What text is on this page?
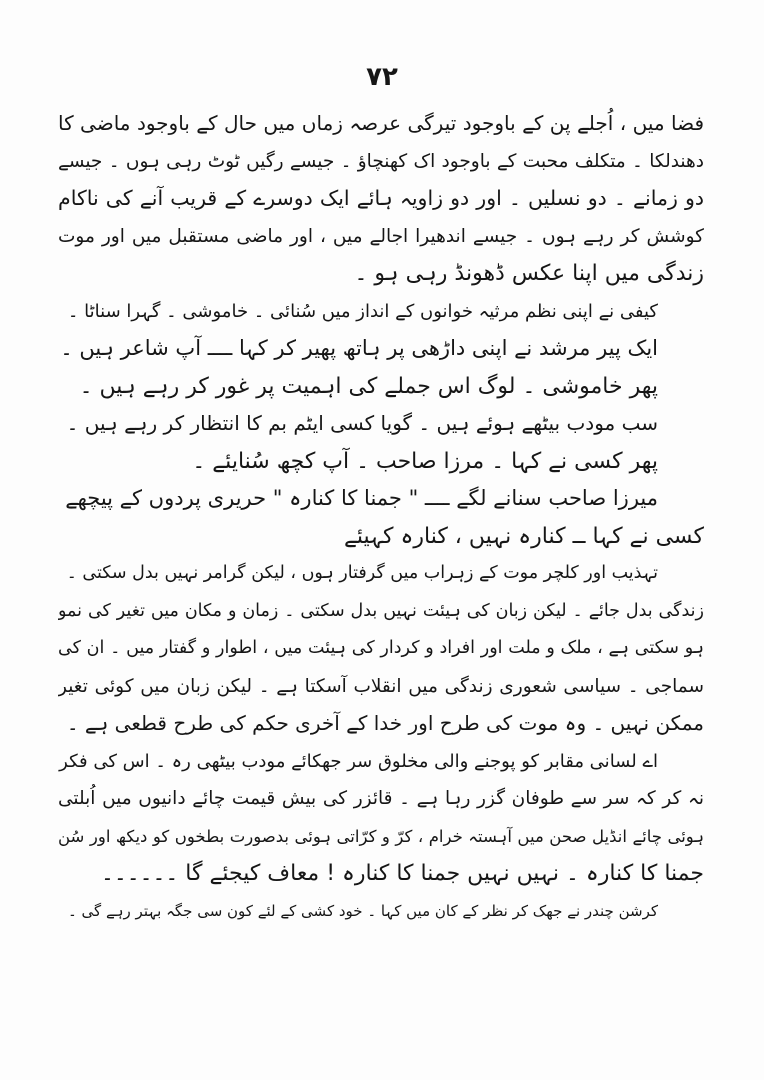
۷۲
فضا میں ، اُجلے پن کے باوجود تیرگی عرصہ زماں میں حال کے باوجود ماضی کا
دھندلکا ۔ متکلف محبت کے باوجود اک کھنچاؤ ۔ جیسے رگیں ٹوٹ رہی ہوں ۔ جیسے
دو زمانے ۔ دو نسلیں ۔ اور دو زاویہ ہائے ایک دوسرے کے قریب آنے کی ناکام
کوشش کر رہے ہوں ۔ جیسے اندھیرا اجالے میں ، اور ماضی مستقبل میں اور موت
زندگی میں اپنا عکس ڈھونڈ رہی ہو ۔
کیفی نے اپنی نظم مرثیہ خوانوں کے انداز میں سُنائی ۔ خاموشی ۔ گہرا سناٹا ۔
ایک پیر مرشد نے اپنی داڑھی پر ہاتھ پھیر کر کہا ــــ آپ شاعر ہیں ۔
پھر خاموشی ۔ لوگ اس جملے کی اہمیت پر غور کر رہے ہیں ۔
سب مودب بیٹھے ہوئے ہیں ۔ گویا کسی ایٹم بم کا انتظار کر رہے ہیں ۔
پھر کسی نے کہا ۔ مرزا صاحب ۔ آپ کچھ سُنایئے ۔
میرزا صاحب سنانے لگے ــــ " جمنا کا کنارہ " حریری پردوں کے پیچھے
کسی نے کہا ــ کنارہ نہیں ، کنارہ کہیئے
تہذیب اور کلچر موت کے زہراب میں گرفتار ہوں ، لیکن گرامر نہیں بدل سکتی ۔
زندگی بدل جائے ۔ لیکن زبان کی ہیئت نہیں بدل سکتی ۔ زمان و مکان میں تغیر کی نمو
ہو سکتی ہے ، ملک و ملت اور افراد و کردار کی ہیئت میں ، اطوار و گفتار میں ۔ ان کی
سماجی ۔ سیاسی شعوری زندگی میں انقلاب آسکتا ہے ۔ لیکن زبان میں کوئی تغیر
ممکن نہیں ۔ وہ موت کی طرح اور خدا کے آخری حکم کی طرح قطعی ہے ۔
اے لسانی مقابر کو پوجنے والی مخلوق سر جھکائے مودب بیٹھی رہ ۔ اس کی فکر
نہ کر کہ سر سے طوفان گزر رہا ہے ۔ قائزر کی بیش قیمت چائے دانیوں میں اُبلتی
ہوئی چائے انڈیل صحن میں آہستہ خرام ، کرّ و کرّاتی ہوئی بدصورت بطخوں کو دیکھ اور سُن
جمنا کا کنارہ ۔ نہیں نہیں جمنا کا کنارہ ! معاف کیجئے گا ۔۔۔۔۔۔
کرشن چندر نے جھک کر نظر کے کان میں کہا ۔ خود کشی کے لئے کون سی جگہ بہتر رہے گی ۔
